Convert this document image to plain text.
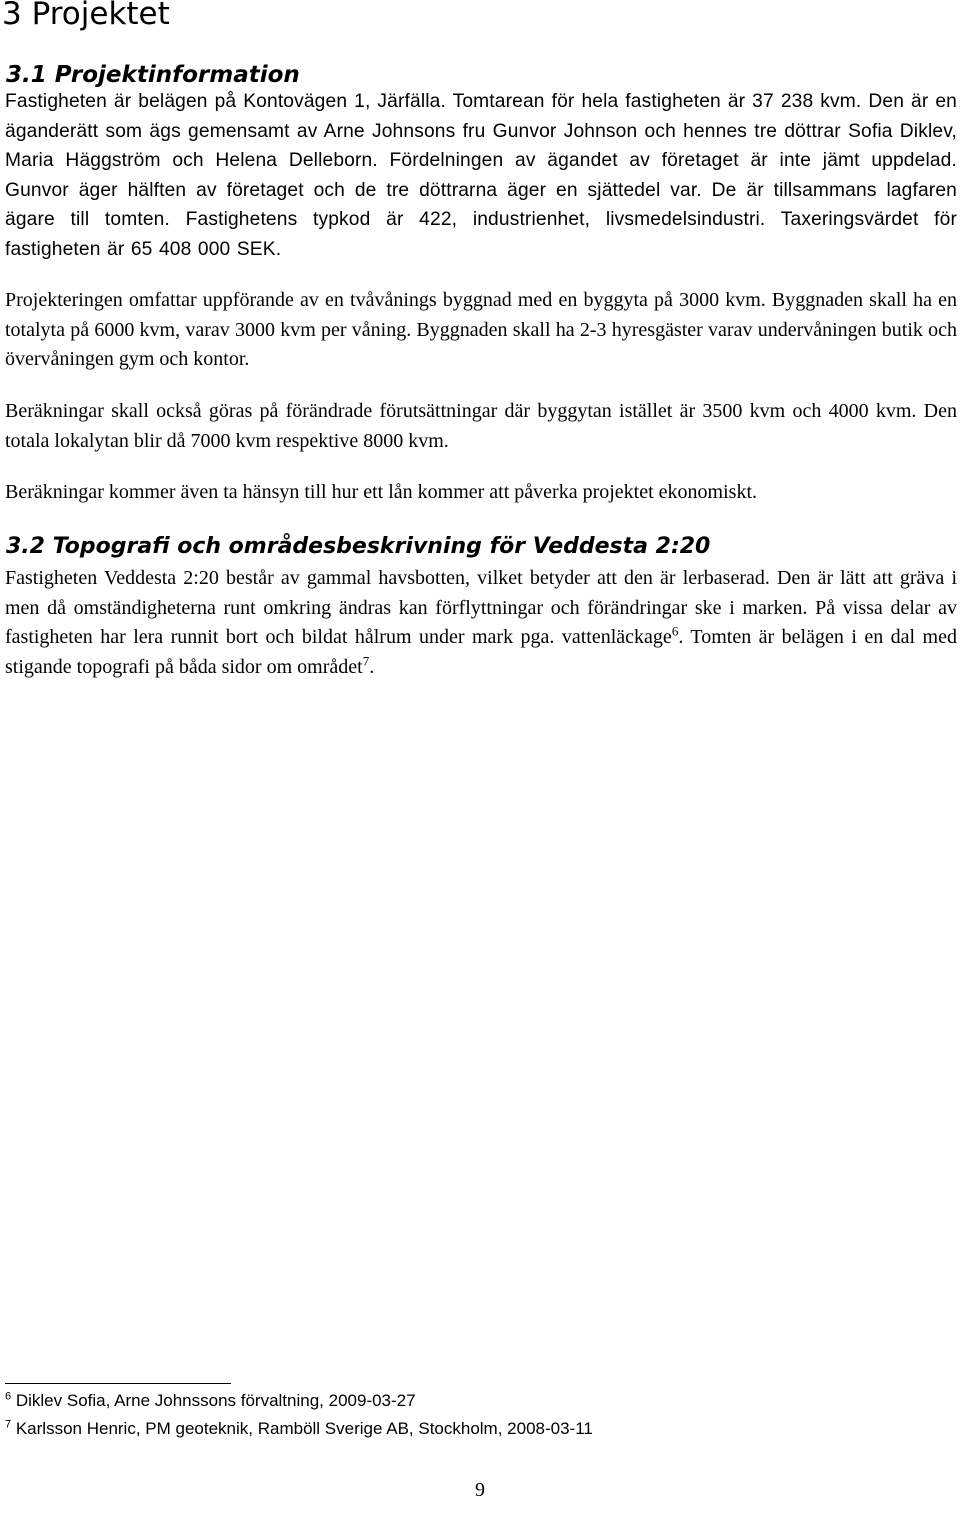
3 Projektet
3.1 Projektinformation

Fastigheten är belägen på Kontovägen 1, Järfälla. Tomtarean för hela fastigheten är 37 238 kvm. Den är en äganderätt som ägs gemensamt av Arne Johnsons fru Gunvor Johnson och hennes tre döttrar Sofia Diklev, Maria Häggström och Helena Delleborn. Fördelningen av ägandet av företaget är inte jämt uppdelad. Gunvor äger hälften av företaget och de tre döttrarna äger en sjättedel var. De är tillsammans lagfaren ägare till tomten. Fastighetens typkod är 422, industrienhet, livsmedelsindustri. Taxeringsvärdet för fastigheten är 65 408 000 SEK.

Projekteringen omfattar uppförande av en tvåvånings byggnad med en byggyta på 3000 kvm. Byggnaden skall ha en totalyta på 6000 kvm, varav 3000 kvm per våning. Byggnaden skall ha 2-3 hyresgäster varav undervåningen butik och övervåningen gym och kontor.

Beräkningar skall också göras på förändrade förutsättningar där byggytan istället är 3500 kvm och 4000 kvm. Den totala lokalytan blir då 7000 kvm respektive 8000 kvm.

Beräkningar kommer även ta hänsyn till hur ett lån kommer att påverka projektet ekonomiskt.

3.2 Topografi och områdesbeskrivning för Veddesta 2:20

Fastigheten Veddesta 2:20 består av gammal havsbotten, vilket betyder att den är lerbaserad. Den är lätt att gräva i men då omständigheterna runt omkring ändras kan förflyttningar och förändringar ske i marken. På vissa delar av fastigheten har lera runnit bort och bildat hålrum under mark pga. vattenläckage$^6$. Tomten är belägen i en dal med stigande topografi på båda sidor om området$^7$.

$^6$ Diklev Sofia, Arne Johnssons förvaltning, 2009-03-27

$^7$ Karlsson Henric, PM geoteknik, Ramböll Sverige AB, Stockholm, 2008-03-11

9
